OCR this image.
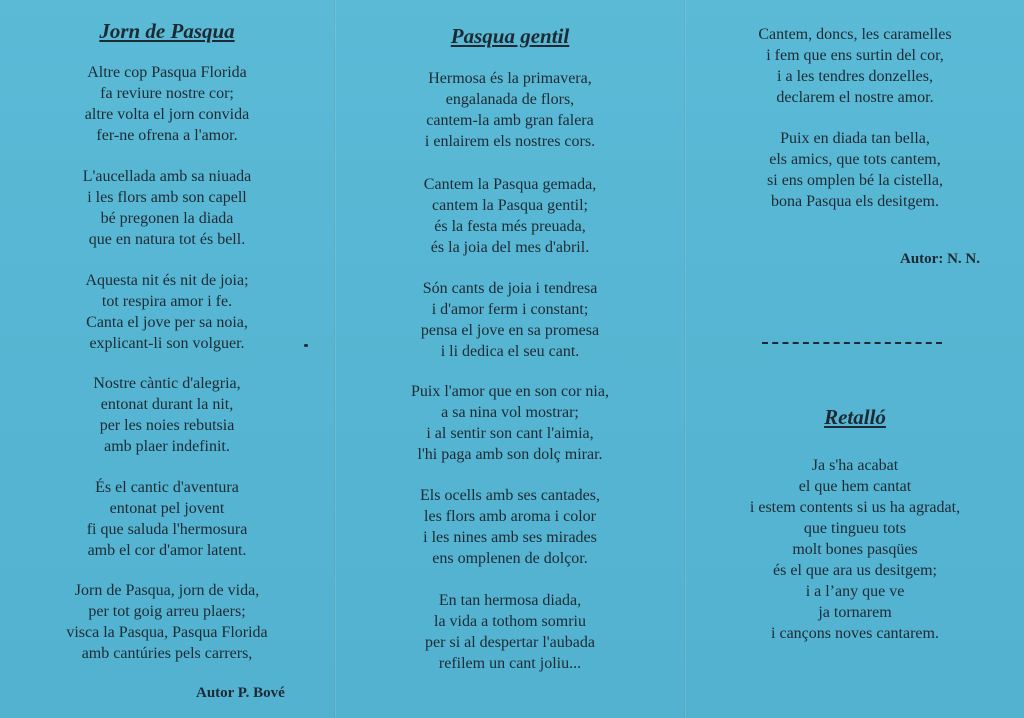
Jorn de Pasqua
Altre cop Pasqua Florida
fa reviure nostre cor;
altre volta el jorn convida
fer-ne ofrena a l'amor.
L'aucellada amb sa niuada
i les flors amb son capell
bé pregonen la diada
que en natura tot és bell.
Aquesta nit és nit de joia;
tot respira amor i fe.
Canta el jove per sa noia,
explicant-li son volguer.
Nostre càntic d'alegria,
entonat durant la nit,
per les noies rebutsia
amb plaer indefinit.
És el cantic d'aventura
entonat pel jovent
fi que saluda l'hermosura
amb el cor d'amor latent.
Jorn de Pasqua, jorn de vida,
per tot goig arreu plaers;
visca la Pasqua, Pasqua Florida
amb cantúries pels carrers,
Autor P. Bové
Pasqua gentil
Hermosa és la primavera,
engalanada de flors,
cantem-la amb gran falera
i enlairem els nostres cors.
Cantem la Pasqua gemada,
cantem la Pasqua gentil;
és la festa més preuada,
és la joia del mes d'abril.
Són cants de joia i tendresa
i d'amor ferm i constant;
pensa el jove en sa promesa
i li dedica el seu cant.
Puix l'amor que en son cor nia,
a sa nina vol mostrar;
i al sentir son cant l'aimia,
l'hi paga amb son dolç mirar.
Els ocells amb ses cantades,
les flors amb aroma i color
i les nines amb ses mirades
ens omplenen de dolçor.
En tan hermosa diada,
la vida a tothom somriu
per si al despertar l'aubada
refilem un cant joliu...
Cantem, doncs, les caramelles
i fem que ens surtin del cor,
i a les tendres donzelles,
declarem el nostre amor.
Puix en diada tan bella,
els amics, que tots cantem,
si ens omplen bé la cistella,
bona Pasqua els desitgem.
Autor: N. N.
Retalló
Ja s'ha acabat
el que hem cantat
i estem contents si us ha agradat,
que tingueu tots
molt bones pasqües
és el que ara us desitgem;
i a l’any que ve
ja tornarem
i cançons noves cantarem.
